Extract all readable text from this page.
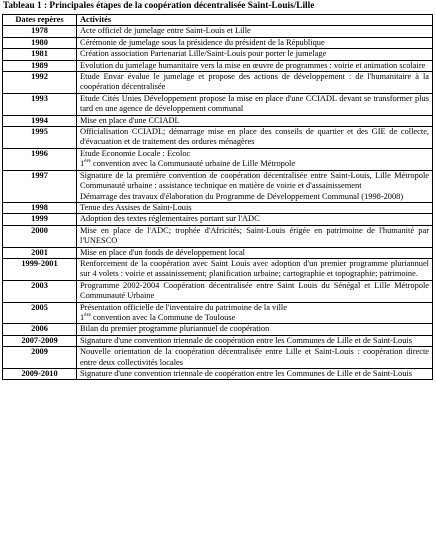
Tableau 1 : Principales étapes de la coopération décentralisée Saint-Louis/Lille
Dates repères	Activités
1978	Acte officiel de jumelage entre Saint-Louis et Lille

1980	Cérémonie de jumelage sous la présidence du président de la République

1981	Création association Partenariat Lille/Saint-Louis pour porter le jumelage

1989	Evolution du jumelage humanitaire vers la mise en œuvre de programmes : voirie et animation scolaire

1992	Etude Envar évalue le jumelage et propose des actions de développement : de l'humanitaire à la coopération décentralisée

1993	Etude Cités Unies Développement propose la mise en place d'une CCIADL devant se transformer plus tard en une agence de développement communal

1994	Mise en place d'une CCIADL

1995	Officialisation CCIADL; démarrage mise en place des conseils de quartier et des GIE de collecte, d'évacuation et de traitement des ordures ménagères

1996	Etude Economie Locale : Ecoloc
1ère convention avec la Communauté urbaine de Lille Métropole

1997	Signature de la première convention de coopération décentralisée entre Saint-Louis, Lille Métropole Communauté urbaine : assistance technique en matière de voirie et d'assainissement
Démarrage des travaux d'élaboration du Programme de Développement Communal (1998-2008)

1998	Tenue des Assises de Saint-Louis

1999	Adoption des textes réglementaires portant sur l'ADC

2000	Mise en place de l'ADC; trophée d'Africités; Saint-Louis érigée en patrimoine de l'humanité par l'UNESCO

2001	Mise en place d'un fonds de développement local

1999-2001	Renforcement de la coopération avec Saint Louis avec adoption d'un premier programme pluriannuel sur 4 volets : voirie et assainissement; planification urbaine; cartographie et topographie; patrimoine.

2003	Programme 2002-2004 Coopération décentralisée entre Saint Louis du Sénégal et Lille Métropole Communauté Urbaine

2005	Présentation officielle de l'inventaire du patrimoine de la ville
1ère convention avec la Commune de Toulouse

2006	Bilan du premier programme pluriannuel de coopération

2007-2009	Signature d'une convention triennale de coopération entre les Communes de Lille et de Saint-Louis

2009	Nouvelle orientation de la coopération décentralisée entre Lille et Saint-Louis : coopération directe entre deux collectivités locales

2009-2010	Signature d'une convention triennale de coopération entre les Communes de Lille et de Saint-Louis
